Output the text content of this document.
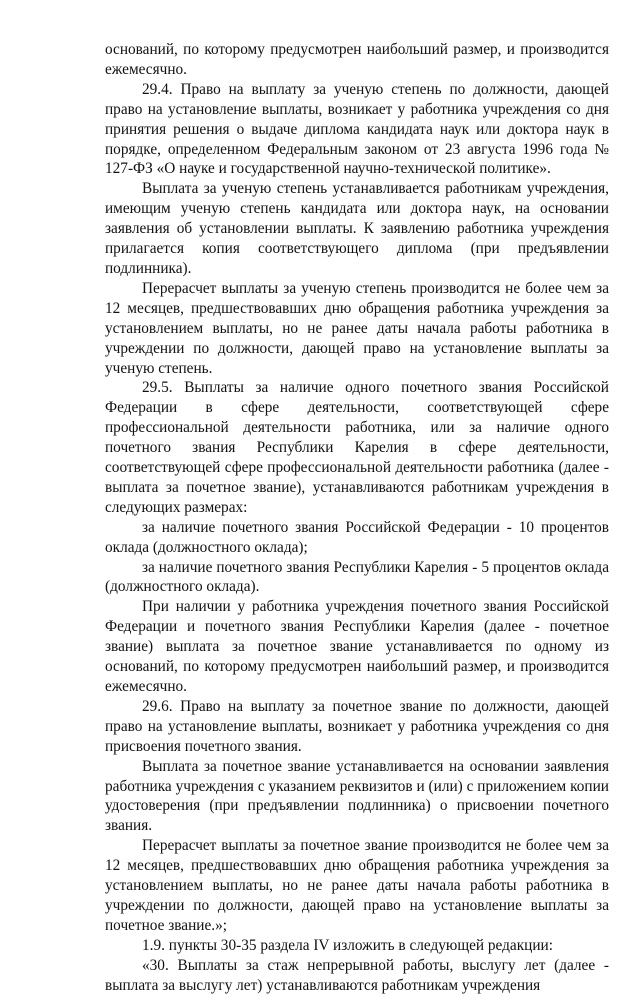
оснований, по которому предусмотрен наибольший размер, и производится ежемесячно.

29.4. Право на выплату за ученую степень по должности, дающей право на установление выплаты, возникает у работника учреждения со дня принятия решения о выдаче диплома кандидата наук или доктора наук в порядке, определенном Федеральным законом от 23 августа 1996 года № 127-ФЗ «О науке и государственной научно-технической политике».

Выплата за ученую степень устанавливается работникам учреждения, имеющим ученую степень кандидата или доктора наук, на основании заявления об установлении выплаты. К заявлению работника учреждения прилагается копия соответствующего диплома (при предъявлении подлинника).

Перерасчет выплаты за ученую степень производится не более чем за 12 месяцев, предшествовавших дню обращения работника учреждения за установлением выплаты, но не ранее даты начала работы работника в учреждении по должности, дающей право на установление выплаты за ученую степень.

29.5. Выплаты за наличие одного почетного звания Российской Федерации в сфере деятельности, соответствующей сфере профессиональной деятельности работника, или за наличие одного почетного звания Республики Карелия в сфере деятельности, соответствующей сфере профессиональной деятельности работника (далее - выплата за почетное звание), устанавливаются работникам учреждения в следующих размерах:

за наличие почетного звания Российской Федерации - 10 процентов оклада (должностного оклада);

за наличие почетного звания Республики Карелия - 5 процентов оклада (должностного оклада).

При наличии у работника учреждения почетного звания Российской Федерации и почетного звания Республики Карелия (далее - почетное звание) выплата за почетное звание устанавливается по одному из оснований, по которому предусмотрен наибольший размер, и производится ежемесячно.

29.6. Право на выплату за почетное звание по должности, дающей право на установление выплаты, возникает у работника учреждения со дня присвоения почетного звания.

Выплата за почетное звание устанавливается на основании заявления работника учреждения с указанием реквизитов и (или) с приложением копии удостоверения (при предъявлении подлинника) о присвоении почетного звания.

Перерасчет выплаты за почетное звание производится не более чем за 12 месяцев, предшествовавших дню обращения работника учреждения за установлением выплаты, но не ранее даты начала работы работника в учреждении по должности, дающей право на установление выплаты за почетное звание.»;

1.9. пункты 30-35 раздела IV изложить в следующей редакции:

«30. Выплаты за стаж непрерывной работы, выслугу лет (далее - выплата за выслугу лет) устанавливаются работникам учреждения
